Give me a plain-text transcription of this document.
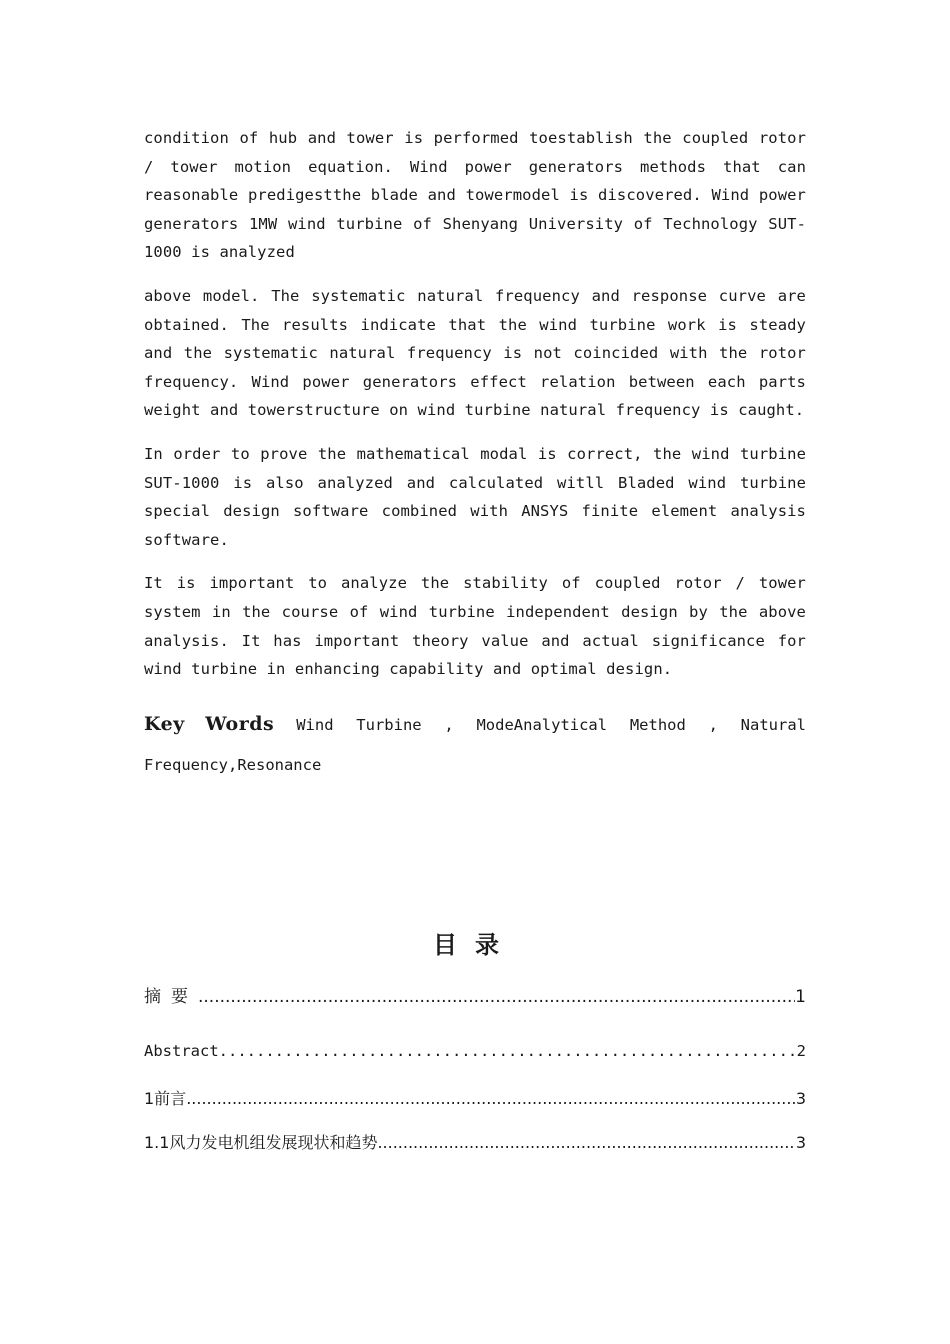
condition of hub and tower is performed toestablish the coupled rotor / tower motion equation. Wind power generators methods that can reasonable predigestthe blade and towermodel is discovered. Wind power generators 1MW wind turbine of Shenyang University of Technology SUT-1000 is analyzed

above model. The systematic natural frequency and response curve are obtained. The results indicate that the wind turbine work is steady and the systematic natural frequency is not coincided with the rotor frequency. Wind power generators effect relation between each parts weight and towerstructure on wind turbine natural frequency is caught.

In order to prove the mathematical modal is correct, the wind turbine SUT-1000 is also analyzed and calculated witll Bladed wind turbine special design software combined with ANSYS finite element analysis software.

It is important to analyze the stability of coupled rotor / tower system in the course of wind turbine independent design by the above analysis. It has important theory value and actual significance for wind turbine in enhancing capability and optimal design.

Key Words Wind Turbine , ModeAnalytical Method , Natural Frequency,Resonance

目录
摘要 .....	1
Abstract .....	2
1前言 .....	3
1.1风力发电机组发展现状和趋势 .....	3
